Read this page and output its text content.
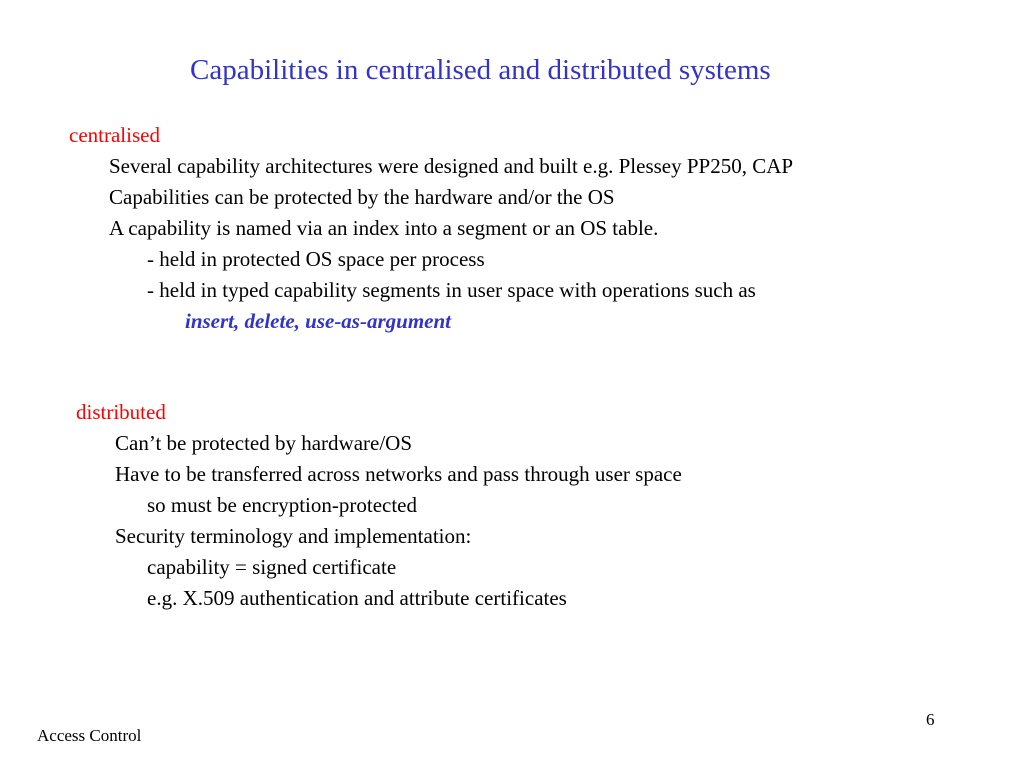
Capabilities in centralised and distributed systems
centralised
Several capability architectures were designed and built e.g. Plessey PP250, CAP
Capabilities can be protected by the hardware and/or the OS
A capability is named via an index into a segment or an OS table.
- held in protected OS space per process
- held in typed capability segments in user space with operations such as
insert, delete, use-as-argument
distributed
Can’t be protected by hardware/OS
Have to be transferred across networks and pass through user space
so must be encryption-protected
Security terminology and implementation:
capability = signed certificate
e.g. X.509 authentication and attribute certificates
6
Access Control
